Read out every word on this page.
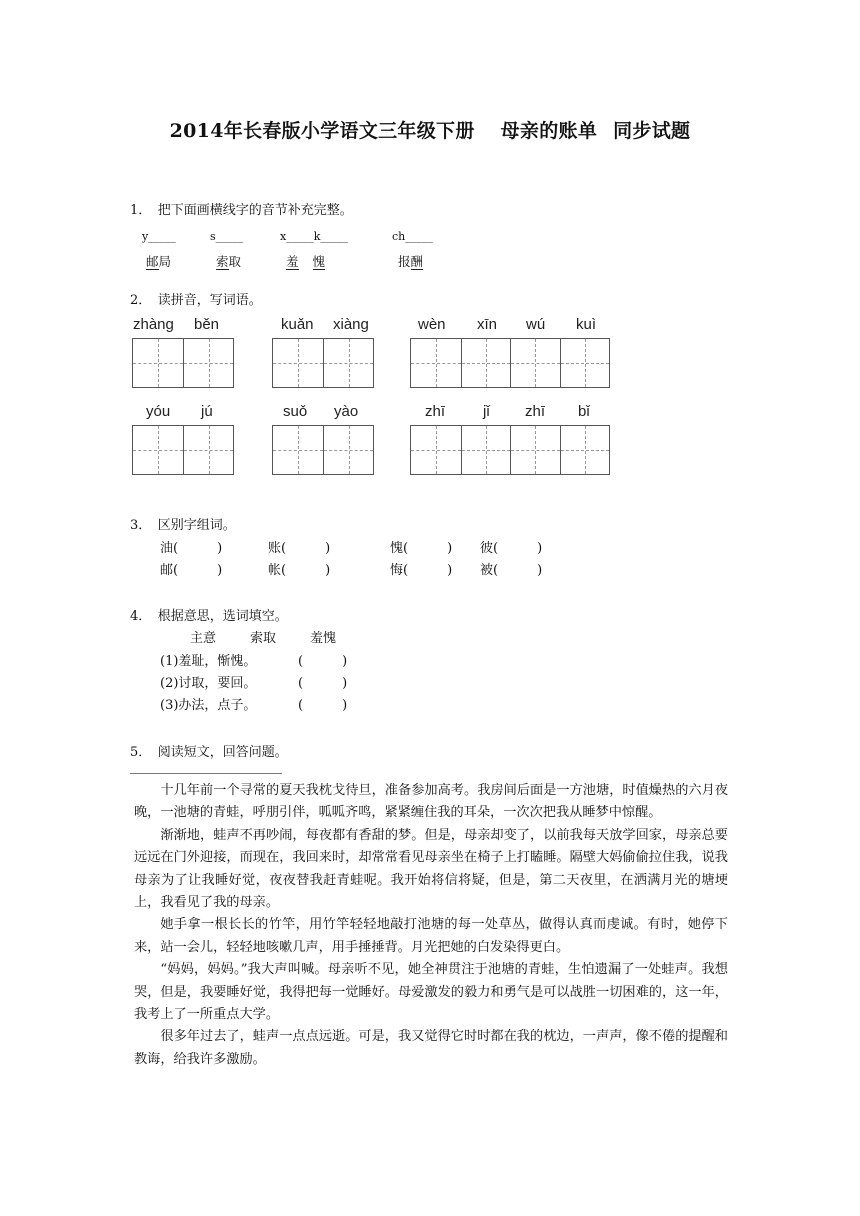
2014年长春版小学语文三年级下册 母亲的账单 同步试题
1．　把下面画横线字的音节补充完整。
y_____	s_____	x_____k_____	ch_____
邮局	索取	羞 愧	报酬
2．　读拼音，写词语。
zhàng běn	kuǎn xiàng	wèn xīn wú kuì
yóu jú	suǒ yào	zhī	jǐ zhī bǐ
3．　区别字组词。
油(　　　)	账(　　　)	愧(　　　) 彼(　　　)
邮(　　　)	帐(　　　)	悔(　　　) 被(　　　)
4．　根据意思，选词填空。
主意	索取	羞愧
(1)羞耻，惭愧。	(　　　)
(2)讨取，要回。	(　　　)
(3)办法，点子。	(　　　)
5．　阅读短文，回答问题。

十几年前一个寻常的夏天我枕戈待旦，准备参加高考。我房间后面是一方池塘，时值燥热的六月夜晚，一池塘的青蛙，呼朋引伴，呱呱齐鸣，紧紧缠住我的耳朵，一次次把我从睡梦中惊醒。

渐渐地，蛙声不再吵闹，每夜都有香甜的梦。但是，母亲却变了，以前我每天放学回家，母亲总要远远在门外迎接，而现在，我回来时，却常常看见母亲坐在椅子上打瞌睡。隔壁大妈偷偷拉住我，说我母亲为了让我睡好觉，夜夜替我赶青蛙呢。我开始将信将疑，但是，第二天夜里，在洒满月光的塘埂上，我看见了我的母亲。

她手拿一根长长的竹竿，用竹竿轻轻地敲打池塘的每一处草丛，做得认真而虔诚。有时，她停下来，站一会儿，轻轻地咳嗽几声，用手捶捶背。月光把她的白发染得更白。

“妈妈，妈妈。”我大声叫喊。母亲听不见，她全神贯注于池塘的青蛙，生怕遗漏了一处蛙声。我想哭，但是，我要睡好觉，我得把每一觉睡好。母爱激发的毅力和勇气是可以战胜一切困难的，这一年，我考上了一所重点大学。

很多年过去了，蛙声一点点远逝。可是，我又觉得它时时都在我的枕边，一声声，像不倦的提醒和教诲，给我许多激励。
